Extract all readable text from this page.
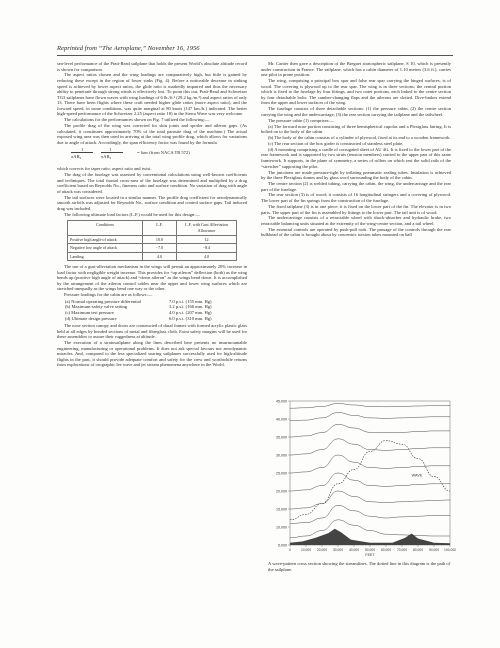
Reprinted from “The Aeroplane,” November 16, 1956

sea-level performance of the Pratt-Read sailplane that holds the present World’s absolute altitude record is shown for comparison.

The aspect ratios chosen and the wing loadings are comparatively high, but little is gained by reducing these except in the region of lower sinks (Fig. 4). Before a noticeable decrease in sinking speed is achieved by lower aspect ratios, the glide ratio is markedly impaired and thus the necessary ability to penetrate through strong winds is effectively lost. To point this out, Pratt-Read and Schweizer TG3 sailplanes have flown waves with wing loadings of 6 lb./ft.² (29.2 kg./m.²) and aspect ratios of only 13. There have been flights where these craft needed higher glide ratios (more aspect ratio), and the forward speed, in some conditions, was quite marginal at 80 knots (147 km./h.) indicated. The better high-speed performance of the Schweizer 2.25 (aspect ratio 18) in the Sierra Wave was very welcome.

The calculations for the performances shown on Fig. 7 utilized the following:—

The profile drag of the wing was corrected for skin joints and spoiler and aileron gaps. (As calculated, it constitutes approximately 70% of the total parasite drag of the machine.) The actual exposed wing area was then used in arriving at the total wing profile drag, which allows for variations due to angle of attack. Accordingly, the span efficiency factor was found by the formula

1	1
πAR₀	πAR₀
= δaw (from NACA TR 572)

which corrects for taper ratio, aspect ratio and twist.

The drag of the fuselage was assessed by conventional calculations using well-known coefficients and techniques. The total frontal cross-area of the fuselage was determined and multiplied by a drag coefficient based on Reynolds No., fineness ratio and surface condition. No variation of drag with angle of attack was considered.

The tail surfaces were located in a similar manner. The profile drag coefficient for aerodynamically smooth airfoils was adjusted for Reynolds No., surface condition and control surface gaps. Tail induced drag was included.

The following ultimate load factors (L.F.) would be used for this design:—

Conditions	L.F.	L.F. with Gust Alleviation Allowance
Positive high angle of attack	10.0	12
Negative low angle of attack	−7.0	−8.4
Landing	4.0	4.0

The use of a gust-alleviation mechanism in the wings will permit an approximately 20% increase in load factor with negligible weight increase. This provides for “up aileron” deflection (both) as the wing bends up (positive high angle of attack) and “down aileron” as the wings bend down. It is accomplished by the arrangement of the aileron control cables near the upper and lower wing surfaces which are stretched unequally as the wings bend one way or the other.

Pressure loadings for the cabin are as follows:—

(a) Normal operating pressure differential	7.0 p.s.i. (155 mm. Hg)
(b) Maximum-safety valve setting	3.2 p.s.i. (166 mm. Hg)
(c) Maximum test pressure	4.0 p.s.i. (207 mm. Hg)
(d) Ultimate design pressure	6.0 p.s.i. (310 mm. Hg)

The nose section canopy and doors are constructed of dural frames with formed acrylic plastic glass held at all edges by bonded sections of metal and fibreglass cloth. Extra safety margins will be used for these assemblies to assure their ruggedness at altitude.

The execution of a stratosailplane along the lines described here presents no insurmountable engineering, manufacturing or operational problems. It does not ask special favours nor aerodynamic miracles. And, compared to the less specialized soaring sailplanes successfully used for high-altitude flights in the past, it should provide adequate comfort and safety for the crew and worthwhile returns from explorations of orographic lee wave and jet stream phenomena anywhere in the World.

Mr. Cartier then gave a description of the Breguet stratospheric sailplane, S 10, which is presently under construction in France. The sailplane, which has a cabin diameter of 1.10 metres (3.6 ft.), carries one pilot in prone position.

The wing, comprising a principal box spar and false rear spar carrying the hinged surfaces, is of wood. The covering is plywood up to the rear spar. The wing is in three sections; the central portion which is fixed to the fuselage by four fittings, and two outer portions, each linked to the centre section by four detachable bolts. The camber-changing flaps and the ailerons are slotted. Dive-brakes extend from the upper and lower surfaces of the wing.

The fuselage consists of three detachable sections: (1) the pressure cabin, (2) the centre section carrying the wing and the undercarriage, (3) the rear section carrying the tailplane and the tailwheel.

The pressure cabin (1) comprises:—

(a) The forward nose portion consisting of three hemispherical cupolas and a Plexiglass fairing. It is bolted on to the body of the cabin.

(b) The body of the cabin consists of a cylinder of plywood, fixed at its end to a wooden framework.

(c) The rear section of the box girder is constructed of stainless steel plate.

(d) A mounting comprising a cradle of corrugated sheet of AU 4G. It is fixed to the lower part of the rear framework and is supported by two struts (tension members) carried to the upper part of this same framework. It supports, in the plane of symmetry, a series of rollers on which rest the solid rails of the “stretcher” supporting the pilot.

The junctions are made pressure-tight by inflating pneumatic sealing tubes. Insulation is achieved by the three Plexiglass domes and by glass wool surrounding the body of the cabin.

The centre section (2) is welded tubing, carrying the cabin, the wing, the undercarriage and the rear part of the fuselage.

The rear section (3) is of wood; it consists of 16 longitudinal stringers and a covering of plywood. The lower part of the fin springs from the construction of the fuselage.

The fixed tailplane (3) is in one piece; it is fixed on the lower part of the fin. The elevator is in two parts. The upper part of the fin is assembled by fittings to the lower part. The tail unit is of wood.

The undercarriage consists of a retractable wheel with shock-absorber and hydraulic brake, two retractable balancing units situated at the extremity of the wing-centre section, and a tail wheel.

The essential controls are operated by push-pull rods. The passage of the controls through the rear bulkhead of the cabin is brought about by concentric torsion tubes mounted on ball

45,000
40,000
35,000
30,000
25,000
20,000
15,000
10,000
5,000
0	10,000 20,000 30,000 40,000 50,000 60,000 70,000 80,000 90,000 100,000
FEET
WAVE
A wave-pattern cross section showing the streamlines. The dotted line in this diagram is the path of the sailplane.
